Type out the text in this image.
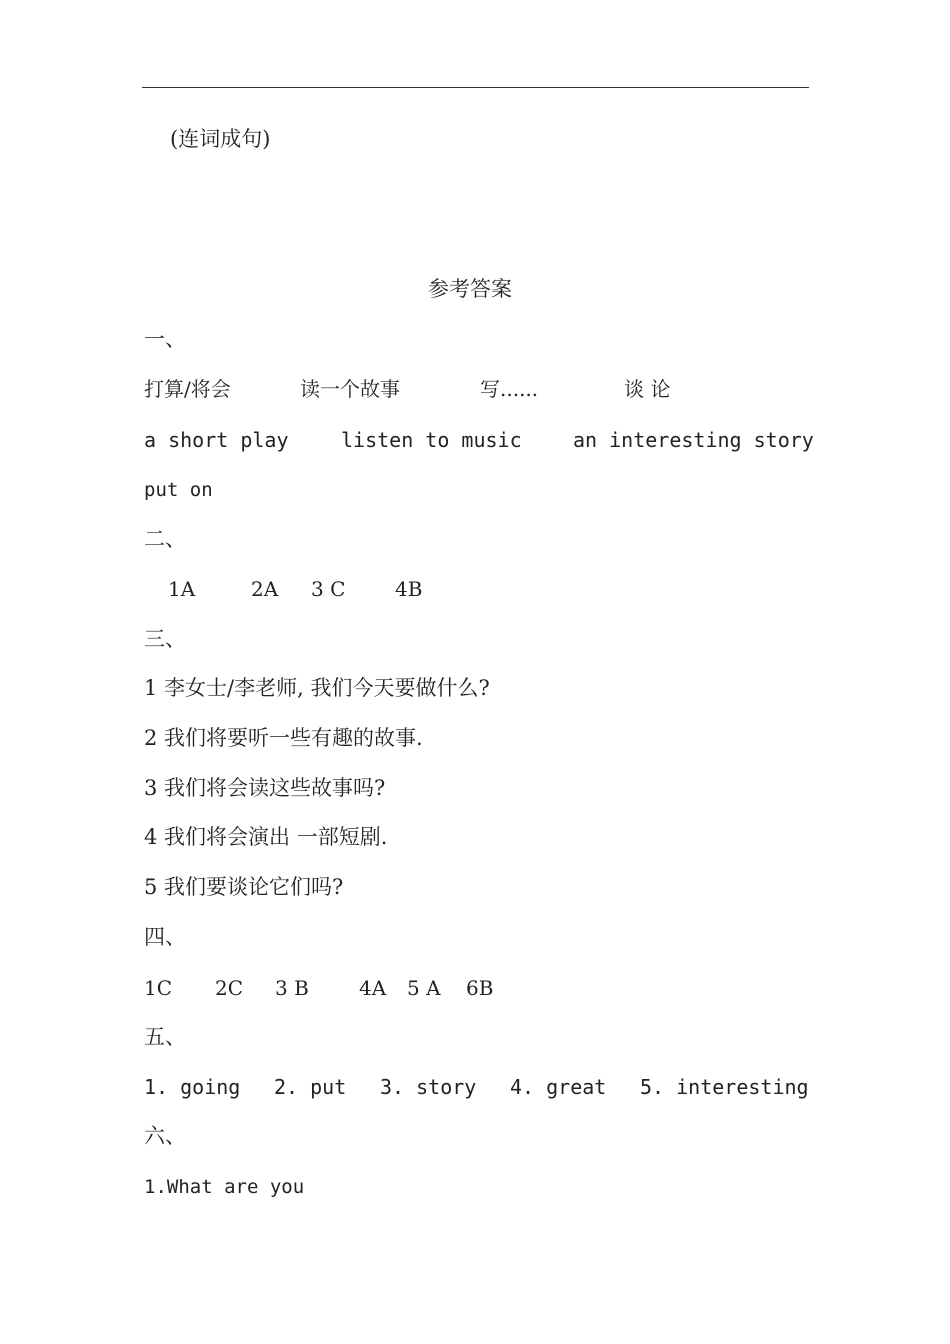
(连词成句)
参考答案
一、

打算/将会

	读一个故事

	写......

	谈 论

a short play

	listen to music

	an interesting story

put on
二、

1A

	2A

3 C

4B

三、
1 李女士/李老师, 我们今天要做什么?
2 我们将要听一些有趣的故事.
3 我们将会读这些故事吗?
4 我们将会演出 一部短剧.
5 我们要谈论它们吗?
四、

1C

2C

3 B

	4A

5 A

6B

五、

1. going

2. put

3. story

4. great

5. interesting

六、
1.What are you
